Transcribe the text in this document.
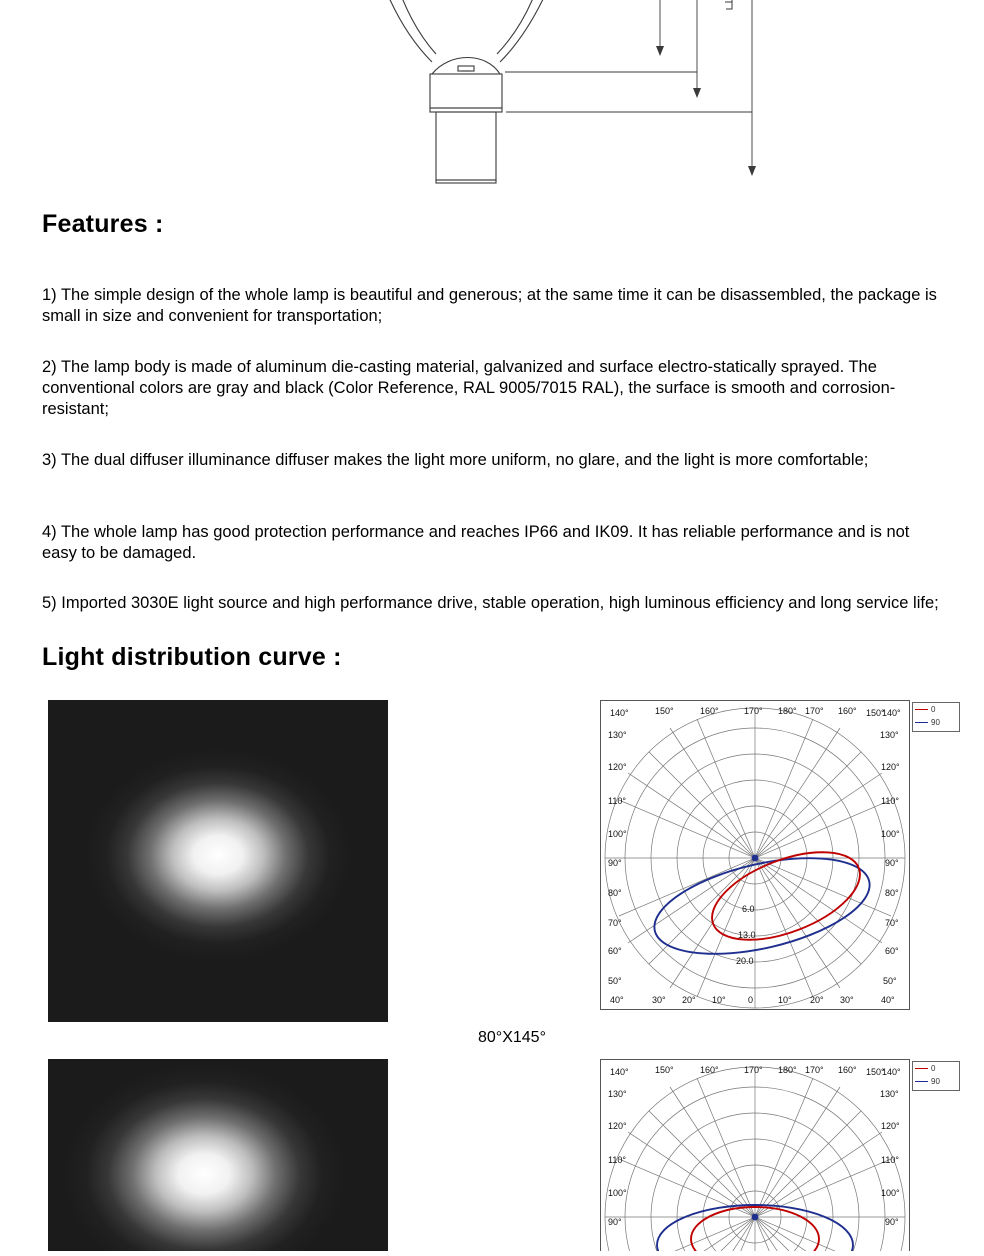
Features :

1) The simple design of the whole lamp is beautiful and generous; at the same time it can be disassembled, the package is small in size and convenient for transportation;

2) The lamp body is made of aluminum die-casting material, galvanized and surface electro-statically sprayed. The conventional colors are gray and black (Color Reference, RAL 9005/7015 RAL), the surface is smooth and corrosion-resistant;

3) The dual diffuser illuminance diffuser makes the light more uniform, no glare, and the light is more comfortable;

4) The whole lamp has good protection performance and reaches IP66 and IK09. It has reliable performance and is not easy to be damaged.

5) Imported 3030E light source and high performance drive, stable operation, high luminous efficiency and long service life;

Light distribution curve :
140°	150°	160°	170° 180° 170° 160° 150°
140°
130°	130°
120°	120°
110°	110°
100°	100°
90°	90°
80°	80°
70°	70°
60°	60°
50°	50°
40°	40°
30° 20° 10° 0	10° 20° 30°
6.0
13.0
20.0
0
90
80°X145°
140°	150°	160°	170° 180° 170° 160° 150°
140°
130°	130°
120°	120°
110°	110°
100°	100°
90°	90°
0
90
